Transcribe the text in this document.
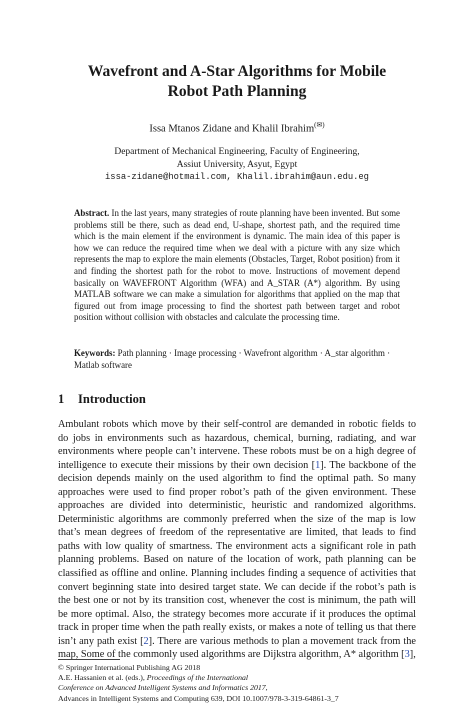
Wavefront and A-Star Algorithms for Mobile
Robot Path Planning
Issa Mtanos Zidane and Khalil Ibrahim(✉)
Department of Mechanical Engineering, Faculty of Engineering,
Assiut University, Asyut, Egypt
issa-zidane@hotmail.com, Khalil.ibrahim@aun.edu.eg
Abstract. In the last years, many strategies of route planning have been invented. But some problems still be there, such as dead end, U-shape, shortest path, and the required time which is the main element if the environment is dynamic. The main idea of this paper is how we can reduce the required time when we deal with a picture with any size which represents the map to explore the main elements (Obstacles, Target, Robot position) from it and finding the shortest path for the robot to move. Instructions of movement depend basically on WAVEFRONT Algorithm (WFA) and A_STAR (A*) algorithm. By using MATLAB software we can make a simulation for algorithms that applied on the map that figured out from image processing to find the shortest path between target and robot position without collision with obstacles and calculate the processing time.
Keywords: Path planning · Image processing · Wavefront algorithm · A_star algorithm · Matlab software
1 Introduction
Ambulant robots which move by their self-control are demanded in robotic fields to do jobs in environments such as hazardous, chemical, burning, radiating, and war environments where people can’t intervene. These robots must be on a high degree of intelligence to execute their missions by their own decision [1]. The backbone of the decision depends mainly on the used algorithm to find the optimal path. So many approaches were used to find proper robot’s path of the given environment. These approaches are divided into deterministic, heuristic and randomized algorithms. Deterministic algorithms are commonly preferred when the size of the map is low that’s mean degrees of freedom of the representative are limited, that leads to find paths with low quality of smartness. The environment acts a significant role in path planning problems. Based on nature of the location of work, path planning can be classified as offline and online. Planning includes finding a sequence of activities that convert beginning state into desired target state. We can decide if the robot’s path is the best one or not by its transition cost, whenever the cost is minimum, the path will be more optimal. Also, the strategy becomes more accurate if it produces the optimal track in proper time when the path really exists, or makes a note of telling us that there isn’t any path exist [2]. There are various methods to plan a movement track from the map, Some of the commonly used algorithms are Dijkstra algorithm, A* algorithm [3],
© Springer International Publishing AG 2018
A.E. Hassanien et al. (eds.), Proceedings of the International
Conference on Advanced Intelligent Systems and Informatics 2017,
Advances in Intelligent Systems and Computing 639, DOI 10.1007/978-3-319-64861-3_7
